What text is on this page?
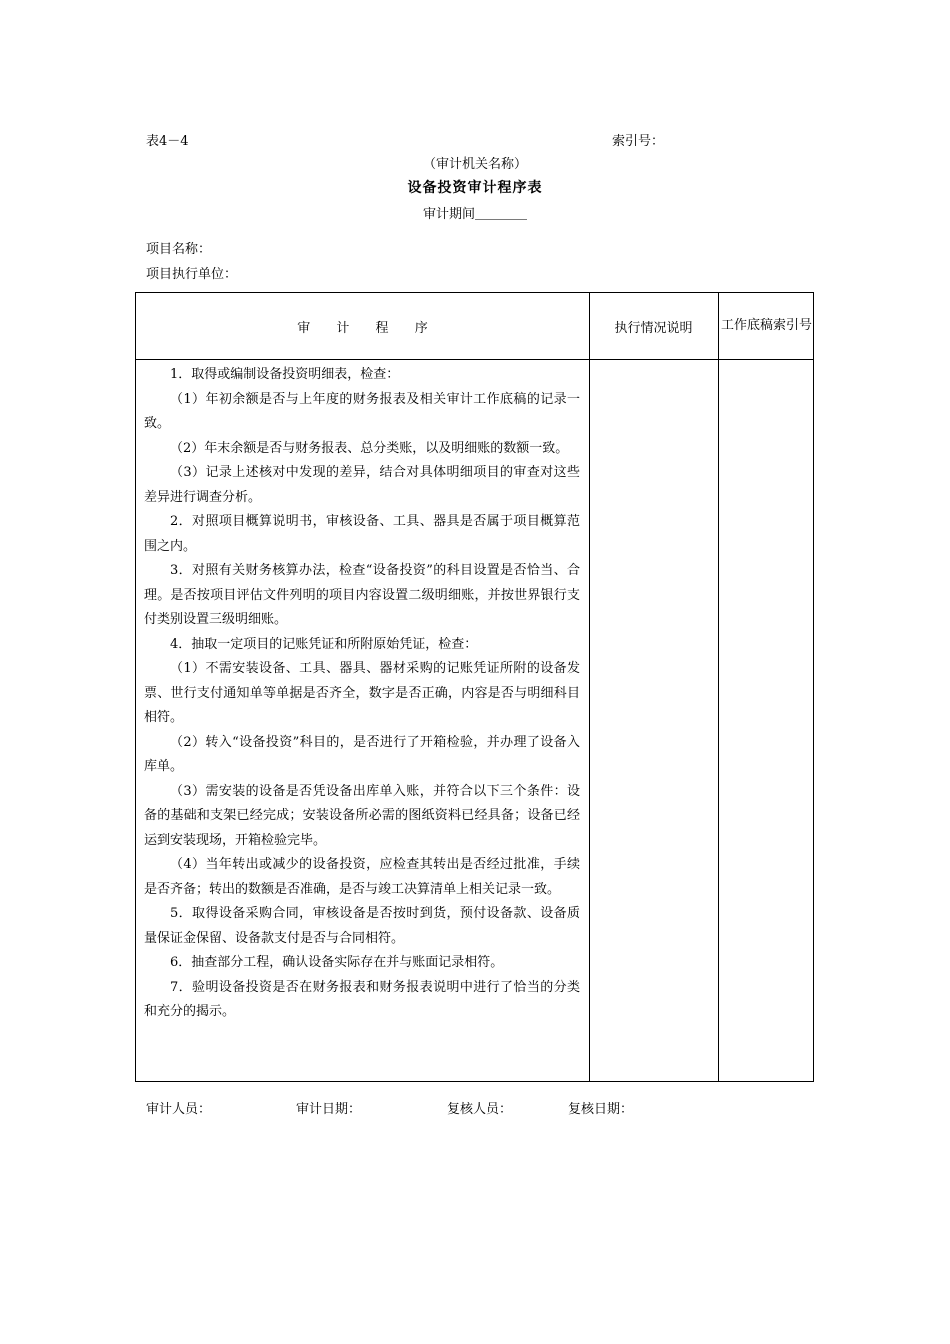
表4－4	索引号：
（审计机关名称）
设备投资审计程序表
审计期间＿＿＿＿
项目名称：
项目执行单位：
审 计 程 序	执行情况说明	工作底稿索引号

1．取得或编制设备投资明细表，检查：

（1）年初余额是否与上年度的财务报表及相关审计工作底稿的记录一致。

（2）年末余额是否与财务报表、总分类账，以及明细账的数额一致。

（3）记录上述核对中发现的差异，结合对具体明细项目的审查对这些差异进行调查分析。

2．对照项目概算说明书，审核设备、工具、器具是否属于项目概算范围之内。

3．对照有关财务核算办法，检查“设备投资”的科目设置是否恰当、合理。是否按项目评估文件列明的项目内容设置二级明细账，并按世界银行支付类别设置三级明细账。

4．抽取一定项目的记账凭证和所附原始凭证，检查：

（1）不需安装设备、工具、器具、器材采购的记账凭证所附的设备发票、世行支付通知单等单据是否齐全，数字是否正确，内容是否与明细科目相符。

（2）转入“设备投资”科目的，是否进行了开箱检验，并办理了设备入库单。

（3）需安装的设备是否凭设备出库单入账，并符合以下三个条件：设备的基础和支架已经完成；安装设备所必需的图纸资料已经具备；设备已经运到安装现场，开箱检验完毕。

（4）当年转出或减少的设备投资，应检查其转出是否经过批准，手续是否齐备；转出的数额是否准确，是否与竣工决算清单上相关记录一致。

5．取得设备采购合同，审核设备是否按时到货，预付设备款、设备质量保证金保留、设备款支付是否与合同相符。

6．抽查部分工程，确认设备实际存在并与账面记录相符。

7．验明设备投资是否在财务报表和财务报表说明中进行了恰当的分类和充分的揭示。

审计人员：	审计日期：	复核人员：	复核日期：
